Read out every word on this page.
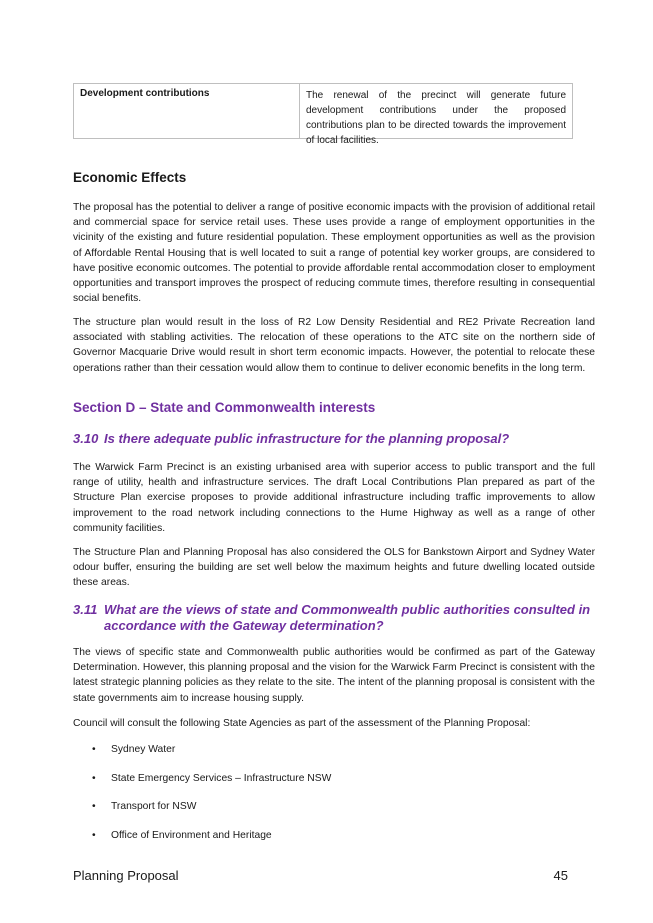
Development contributions	The renewal of the precinct will generate future development contributions under the proposed contributions plan to be directed towards the improvement of local facilities.
Economic Effects

The proposal has the potential to deliver a range of positive economic impacts with the provision of additional retail and commercial space for service retail uses. These uses provide a range of employment opportunities in the vicinity of the existing and future residential population. These employment opportunities as well as the provision of Affordable Rental Housing that is well located to suit a range of potential key worker groups, are considered to have positive economic outcomes. The potential to provide affordable rental accommodation closer to employment opportunities and transport improves the prospect of reducing commute times, therefore resulting in consequential social benefits.

The structure plan would result in the loss of R2 Low Density Residential and RE2 Private Recreation land associated with stabling activities. The relocation of these operations to the ATC site on the northern side of Governor Macquarie Drive would result in short term economic impacts. However, the potential to relocate these operations rather than their cessation would allow them to continue to deliver economic benefits in the long term.

Section D – State and Commonwealth interests
3.10 Is there adequate public infrastructure for the planning proposal?

The Warwick Farm Precinct is an existing urbanised area with superior access to public transport and the full range of utility, health and infrastructure services. The draft Local Contributions Plan prepared as part of the Structure Plan exercise proposes to provide additional infrastructure including traffic improvements to allow improvement to the road network including connections to the Hume Highway as well as a range of other community facilities.

The Structure Plan and Planning Proposal has also considered the OLS for Bankstown Airport and Sydney Water odour buffer, ensuring the building are set well below the maximum heights and future dwelling located outside these areas.

3.11 What are the views of state and Commonwealth public authorities consulted in
accordance with the Gateway determination?

The views of specific state and Commonwealth public authorities would be confirmed as part of the Gateway Determination. However, this planning proposal and the vision for the Warwick Farm Precinct is consistent with the latest strategic planning policies as they relate to the site. The intent of the planning proposal is consistent with the state governments aim to increase housing supply.

Council will consult the following State Agencies as part of the assessment of the Planning Proposal:

• Sydney Water
• State Emergency Services – Infrastructure NSW
• Transport for NSW
• Office of Environment and Heritage

Planning Proposal	45
